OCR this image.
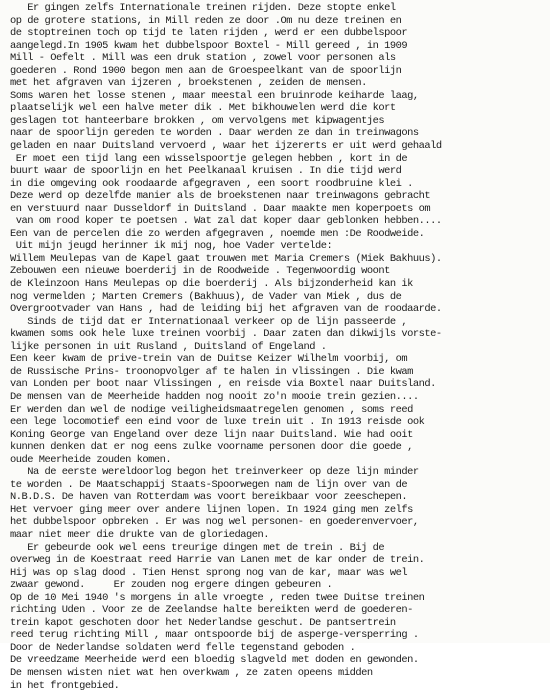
Er gingen zelfs Internationale treinen rijden. Deze stopte enkel
op de grotere stations, in Mill reden ze door .Om nu deze treinen en
de stoptreinen toch op tijd te laten rijden , werd er een dubbelspoor
aangelegd.In 1905 kwam het dubbelspoor Boxtel - Mill gereed , in 1909
Mill - Oefelt . Mill was een druk station , zowel voor personen als
goederen . Rond 1900 begon men aan de Groespeelkant van de spoorlijn
met het afgraven van ijzeren , broekstenen , zeiden de mensen.
Soms waren het losse stenen , maar meestal een bruinrode keiharde laag,
plaatselijk wel een halve meter dik . Met bikhouwelen werd die kort
geslagen tot hanteerbare brokken , om vervolgens met kipwagentjes
naar de spoorlijn gereden te worden . Daar werden ze dan in treinwagons
geladen en naar Duitsland vervoerd , waar het ijzererts er uit werd gehaald
Er moet een tijd lang een wisselspoortje gelegen hebben , kort in de
buurt waar de spoorlijn en het Peelkanaal kruisen . In die tijd werd
in die omgeving ook roodaarde afgegraven , een soort roodbruine klei .
Deze werd op dezelfde manier als de broekstenen naar treinwagons gebracht
en verstuurd naar Dusseldorf in Duitsland . Daar maakte men koperpoets om
van om rood koper te poetsen . Wat zal dat koper daar geblonken hebben....
Een van de percelen die zo werden afgegraven , noemde men :De Roodweide.
Uit mijn jeugd herinner ik mij nog, hoe Vader vertelde:
Willem Meulepas van de Kapel gaat trouwen met Maria Cremers (Miek Bakhuus).
Zebouwen een nieuwe boerderij in de Roodweide . Tegenwoordig woont
de Kleinzoon Hans Meulepas op die boerderij . Als bijzonderheid kan ik
nog vermelden ; Marten Cremers (Bakhuus), de Vader van Miek , dus de
Overgrootvader van Hans , had de leiding bij het afgraven van de roodaarde.
Sinds de tijd dat er Internationaal verkeer op de lijn passeerde ,
kwamen soms ook hele luxe treinen voorbij . Daar zaten dan dikwijls vorste-
lijke personen in uit Rusland , Duitsland of Engeland .
Een keer kwam de prive-trein van de Duitse Keizer Wilhelm voorbij, om
de Russische Prins- troonopvolger af te halen in vlissingen . Die kwam
van Londen per boot naar Vlissingen , en reisde via Boxtel naar Duitsland.
De mensen van de Meerheide hadden nog nooit zo'n mooie trein gezien....
Er werden dan wel de nodige veiligheidsmaatregelen genomen , soms reed
een lege locomotief een eind voor de luxe trein uit . In 1913 reisde ook
Koning George van Engeland over deze lijn naar Duitsland. Wie had ooit
kunnen denken dat er nog eens zulke voorname personen door die goede ,
oude Meerheide zouden komen.
Na de eerste wereldoorlog begon het treinverkeer op deze lijn minder
te worden . De Maatschappij Staats-Spoorwegen nam de lijn over van de
N.B.D.S. De haven van Rotterdam was voort bereikbaar voor zeeschepen.
Het vervoer ging meer over andere lijnen lopen. In 1924 ging men zelfs
het dubbelspoor opbreken . Er was nog wel personen- en goederenvervoer,
maar niet meer die drukte van de gloriedagen.
Er gebeurde ook wel eens treurige dingen met de trein . Bij de
overweg in de Koestraat reed Harrie van Lanen met de kar onder de trein.
Hij was op slag dood . Tien Henst sprong nog van de kar, maar was wel
zwaar gewond.     Er zouden nog ergere dingen gebeuren .
Op de 10 Mei 1940 's morgens in alle vroegte , reden twee Duitse treinen
richting Uden . Voor ze de Zeelandse halte bereikten werd de goederen-
trein kapot geschoten door het Nederlandse geschut. De pantsertrein
reed terug richting Mill , maar ontspoorde bij de asperge-versperring .
Door de Nederlandse soldaten werd felle tegenstand geboden .
De vreedzame Meerheide werd een bloedig slagveld met doden en gewonden.
De mensen wisten niet wat hen overkwam , ze zaten opeens midden
in het frontgebied.
